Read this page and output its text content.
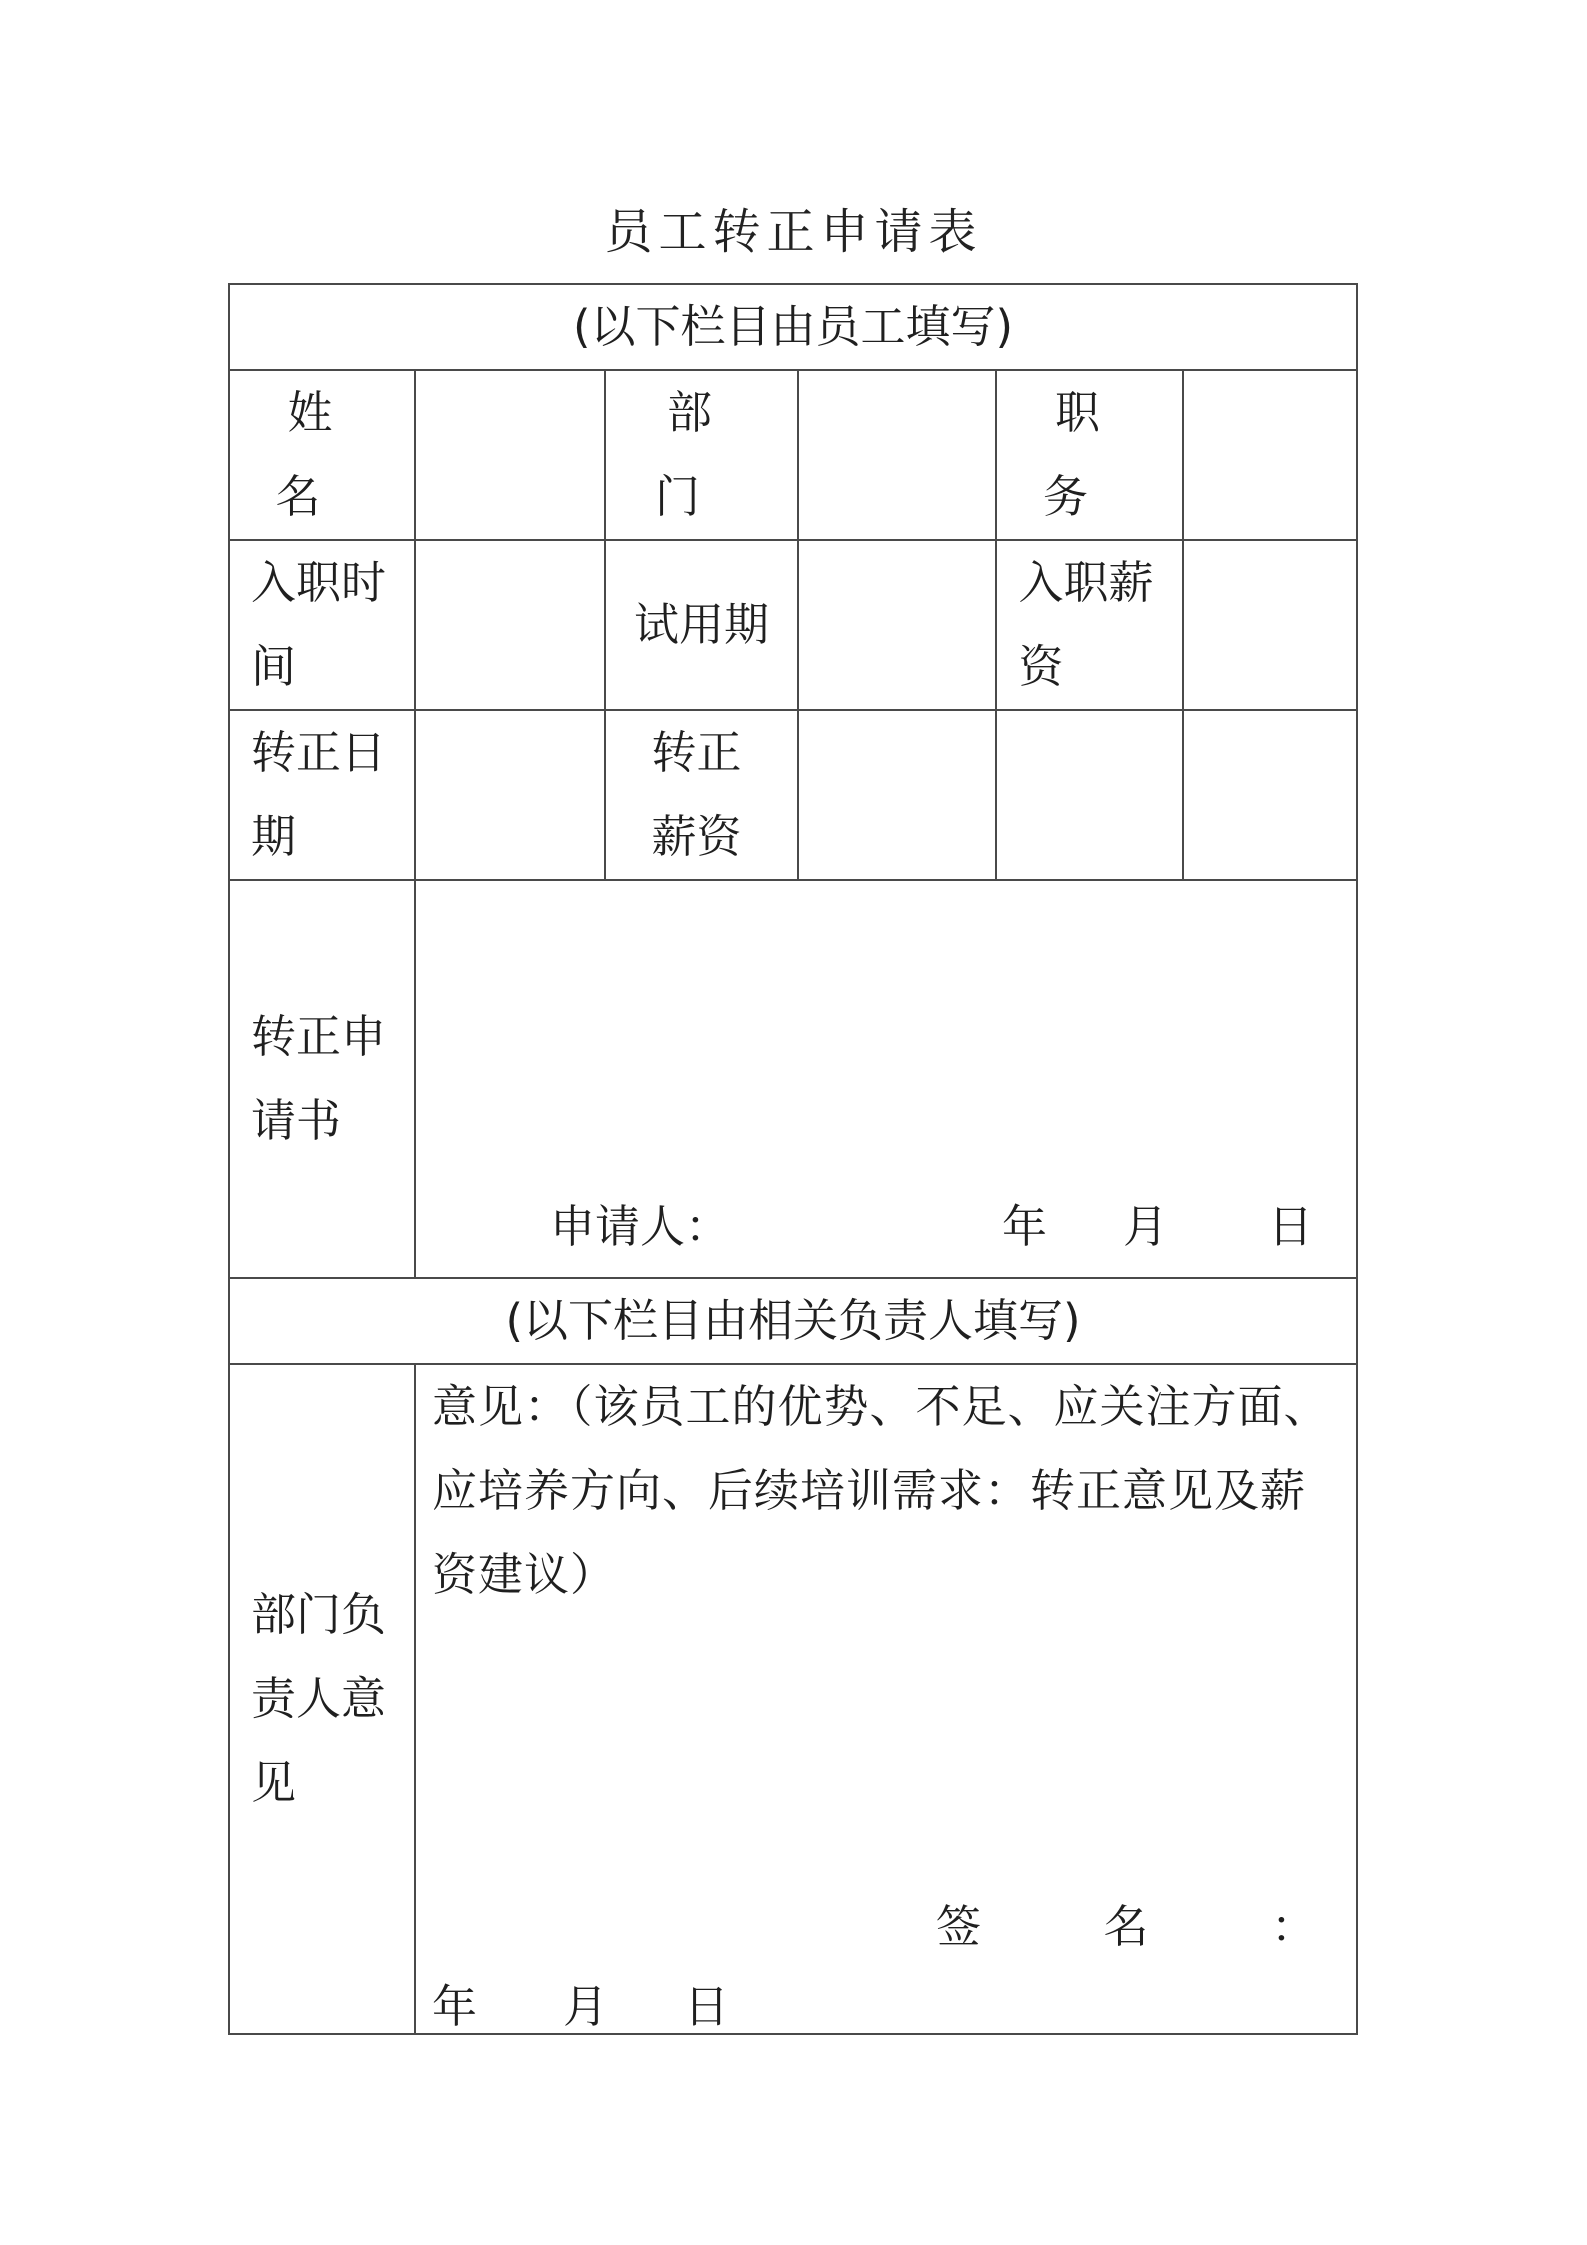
员工转正申请表
(以下栏目由员工填写)					
姓名		部门		职务	
入职时间		试用期		入职薪资	
转正日期		转正薪资			
转正申请书	申请人： 年 月 日				

(以下栏目由相关负责人填写)					
部门负责人意见	意见：（该员工的优势、不足、应关注方面、应培养方向、后续培训需求：转正意见及薪资建议）
签 名 ：
年 月 日				
